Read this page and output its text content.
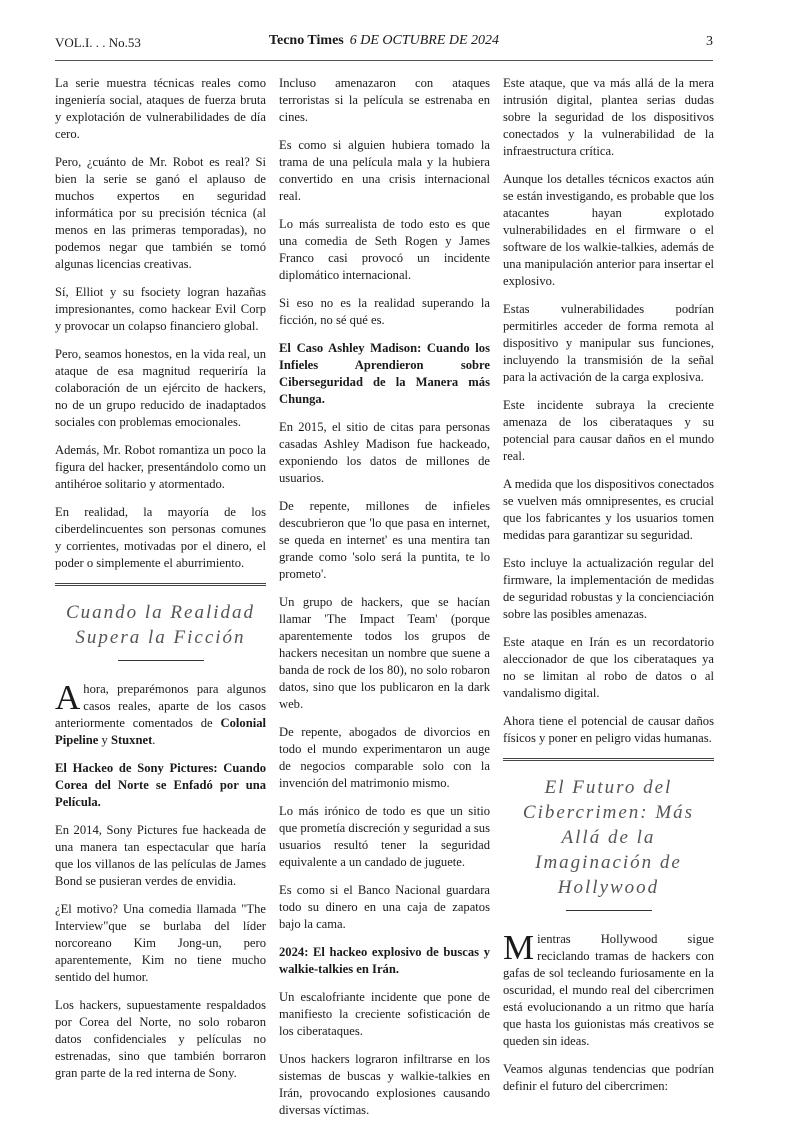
VOL.I. . . No.53	Tecno Times 6 DE OCTUBRE DE 2024	3

La serie muestra técnicas reales como ingeniería social, ataques de fuerza bruta y explotación de vulnerabilidades de día cero.

Pero, ¿cuánto de Mr. Robot es real? Si bien la serie se ganó el aplauso de muchos expertos en seguridad informática por su precisión técnica (al menos en las primeras temporadas), no podemos negar que también se tomó algunas licencias creativas.

Sí, Elliot y su fsociety logran hazañas impresionantes, como hackear Evil Corp y provocar un colapso financiero global.

Pero, seamos honestos, en la vida real, un ataque de esa magnitud requeriría la colaboración de un ejército de hackers, no de un grupo reducido de inadaptados sociales con problemas emocionales.

Además, Mr. Robot romantiza un poco la figura del hacker, presentándolo como un antihéroe solitario y atormentado.

En realidad, la mayoría de los ciberdelincuentes son personas comunes y corrientes, motivadas por el dinero, el poder o simplemente el aburrimiento.

Cuando la Realidad Supera la Ficción

Ahora, preparémonos para algunos casos reales, aparte de los casos anteriormente comentados de Colonial Pipeline y Stuxnet.

El Hackeo de Sony Pictures: Cuando Corea del Norte se Enfadó por una Película.

En 2014, Sony Pictures fue hackeada de una manera tan espectacular que haría que los villanos de las películas de James Bond se pusieran verdes de envidia.

¿El motivo? Una comedia llamada "The Interview"que se burlaba del líder norcoreano Kim Jong-un, pero aparentemente, Kim no tiene mucho sentido del humor.

Los hackers, supuestamente respaldados por Corea del Norte, no solo robaron datos confidenciales y películas no estrenadas, sino que también borraron gran parte de la red interna de Sony.

Incluso amenazaron con ataques terroristas si la película se estrenaba en cines.

Es como si alguien hubiera tomado la trama de una película mala y la hubiera convertido en una crisis internacional real.

Lo más surrealista de todo esto es que una comedia de Seth Rogen y James Franco casi provocó un incidente diplomático internacional.

Si eso no es la realidad superando la ficción, no sé qué es.

El Caso Ashley Madison: Cuando los Infieles Aprendieron sobre Ciberseguridad de la Manera más Chunga.

En 2015, el sitio de citas para personas casadas Ashley Madison fue hackeado, exponiendo los datos de millones de usuarios.

De repente, millones de infieles descubrieron que 'lo que pasa en internet, se queda en internet' es una mentira tan grande como 'solo será la puntita, te lo prometo'.

Un grupo de hackers, que se hacían llamar 'The Impact Team' (porque aparentemente todos los grupos de hackers necesitan un nombre que suene a banda de rock de los 80), no solo robaron datos, sino que los publicaron en la dark web.

De repente, abogados de divorcios en todo el mundo experimentaron un auge de negocios comparable solo con la invención del matrimonio mismo.

Lo más irónico de todo es que un sitio que prometía discreción y seguridad a sus usuarios resultó tener la seguridad equivalente a un candado de juguete.

Es como si el Banco Nacional guardara todo su dinero en una caja de zapatos bajo la cama.

2024: El hackeo explosivo de buscas y walkie-talkies en Irán.

Un escalofriante incidente que pone de manifiesto la creciente sofisticación de los ciberataques.

Unos hackers lograron infiltrarse en los sistemas de buscas y walkie-talkies en Irán, provocando explosiones causando diversas víctimas.

Este ataque, que va más allá de la mera intrusión digital, plantea serias dudas sobre la seguridad de los dispositivos conectados y la vulnerabilidad de la infraestructura crítica.

Aunque los detalles técnicos exactos aún se están investigando, es probable que los atacantes hayan explotado vulnerabilidades en el firmware o el software de los walkie-talkies, además de una manipulación anterior para insertar el explosivo.

Estas vulnerabilidades podrían permitirles acceder de forma remota al dispositivo y manipular sus funciones, incluyendo la transmisión de la señal para la activación de la carga explosiva.

Este incidente subraya la creciente amenaza de los ciberataques y su potencial para causar daños en el mundo real.

A medida que los dispositivos conectados se vuelven más omnipresentes, es crucial que los fabricantes y los usuarios tomen medidas para garantizar su seguridad.

Esto incluye la actualización regular del firmware, la implementación de medidas de seguridad robustas y la concienciación sobre las posibles amenazas.

Este ataque en Irán es un recordatorio aleccionador de que los ciberataques ya no se limitan al robo de datos o al vandalismo digital.

Ahora tiene el potencial de causar daños físicos y poner en peligro vidas humanas.

El Futuro del Cibercrimen: Más Allá de la Imaginación de Hollywood

Mientras Hollywood sigue reciclando tramas de hackers con gafas de sol tecleando furiosamente en la oscuridad, el mundo real del cibercrimen está evolucionando a un ritmo que haría que hasta los guionistas más creativos se queden sin ideas.

Veamos algunas tendencias que podrían definir el futuro del cibercrimen:
